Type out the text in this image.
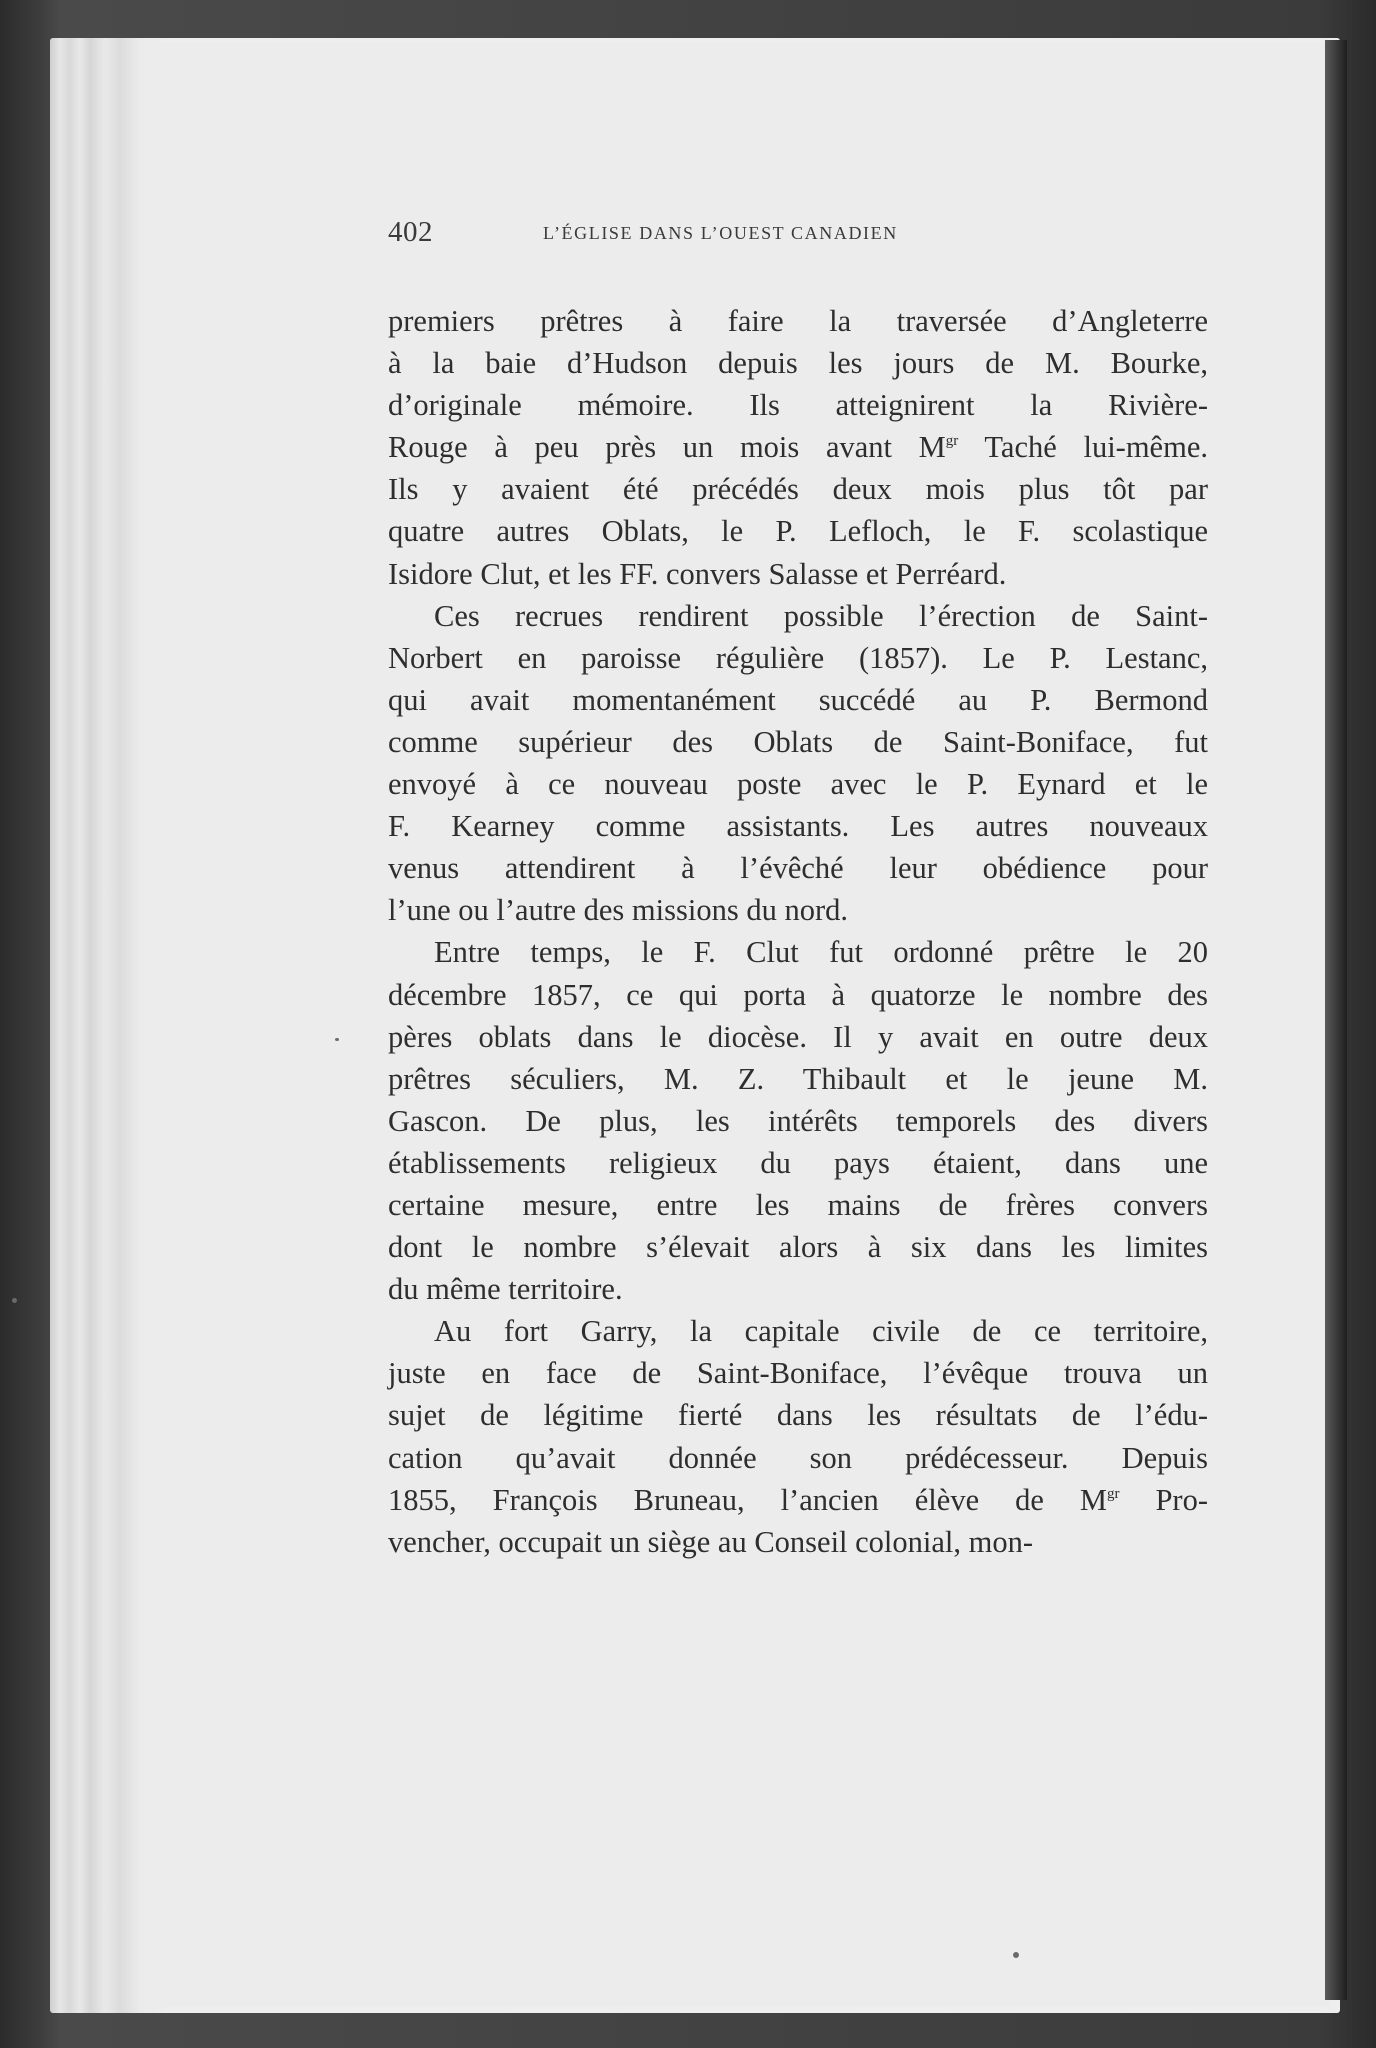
402	L’ÉGLISE DANS L’OUEST CANADIEN
premiers prêtres à faire la traversée d’Angleterre
à la baie d’Hudson depuis les jours de M. Bourke,
d’originale mémoire. Ils atteignirent la Rivière-
Rouge à peu près un mois avant $M^{gr}$ Taché lui-même.
Ils y avaient été précédés deux mois plus tôt par
quatre autres Oblats, le P. Lefloch, le F. scolastique
Isidore Clut, et les FF. convers Salasse et Perréard.
Ces recrues rendirent possible l’érection de Saint-
Norbert en paroisse régulière (1857). Le P. Lestanc,
qui avait momentanément succédé au P. Bermond
comme supérieur des Oblats de Saint-Boniface, fut
envoyé à ce nouveau poste avec le P. Eynard et le
F. Kearney comme assistants. Les autres nouveaux
venus attendirent à l’évêché leur obédience pour
l’une ou l’autre des missions du nord.
Entre temps, le F. Clut fut ordonné prêtre le 20
décembre 1857, ce qui porta à quatorze le nombre des
pères oblats dans le diocèse. Il y avait en outre deux
prêtres séculiers, M. Z. Thibault et le jeune M.
Gascon. De plus, les intérêts temporels des divers
établissements religieux du pays étaient, dans une
certaine mesure, entre les mains de frères convers
dont le nombre s’élevait alors à six dans les limites
du même territoire.
Au fort Garry, la capitale civile de ce territoire,
juste en face de Saint-Boniface, l’évêque trouva un
sujet de légitime fierté dans les résultats de l’édu-
cation qu’avait donnée son prédécesseur. Depuis
1855, François Bruneau, l’ancien élève de $M^{gr}$ Pro-
vencher, occupait un siège au Conseil colonial, mon-
